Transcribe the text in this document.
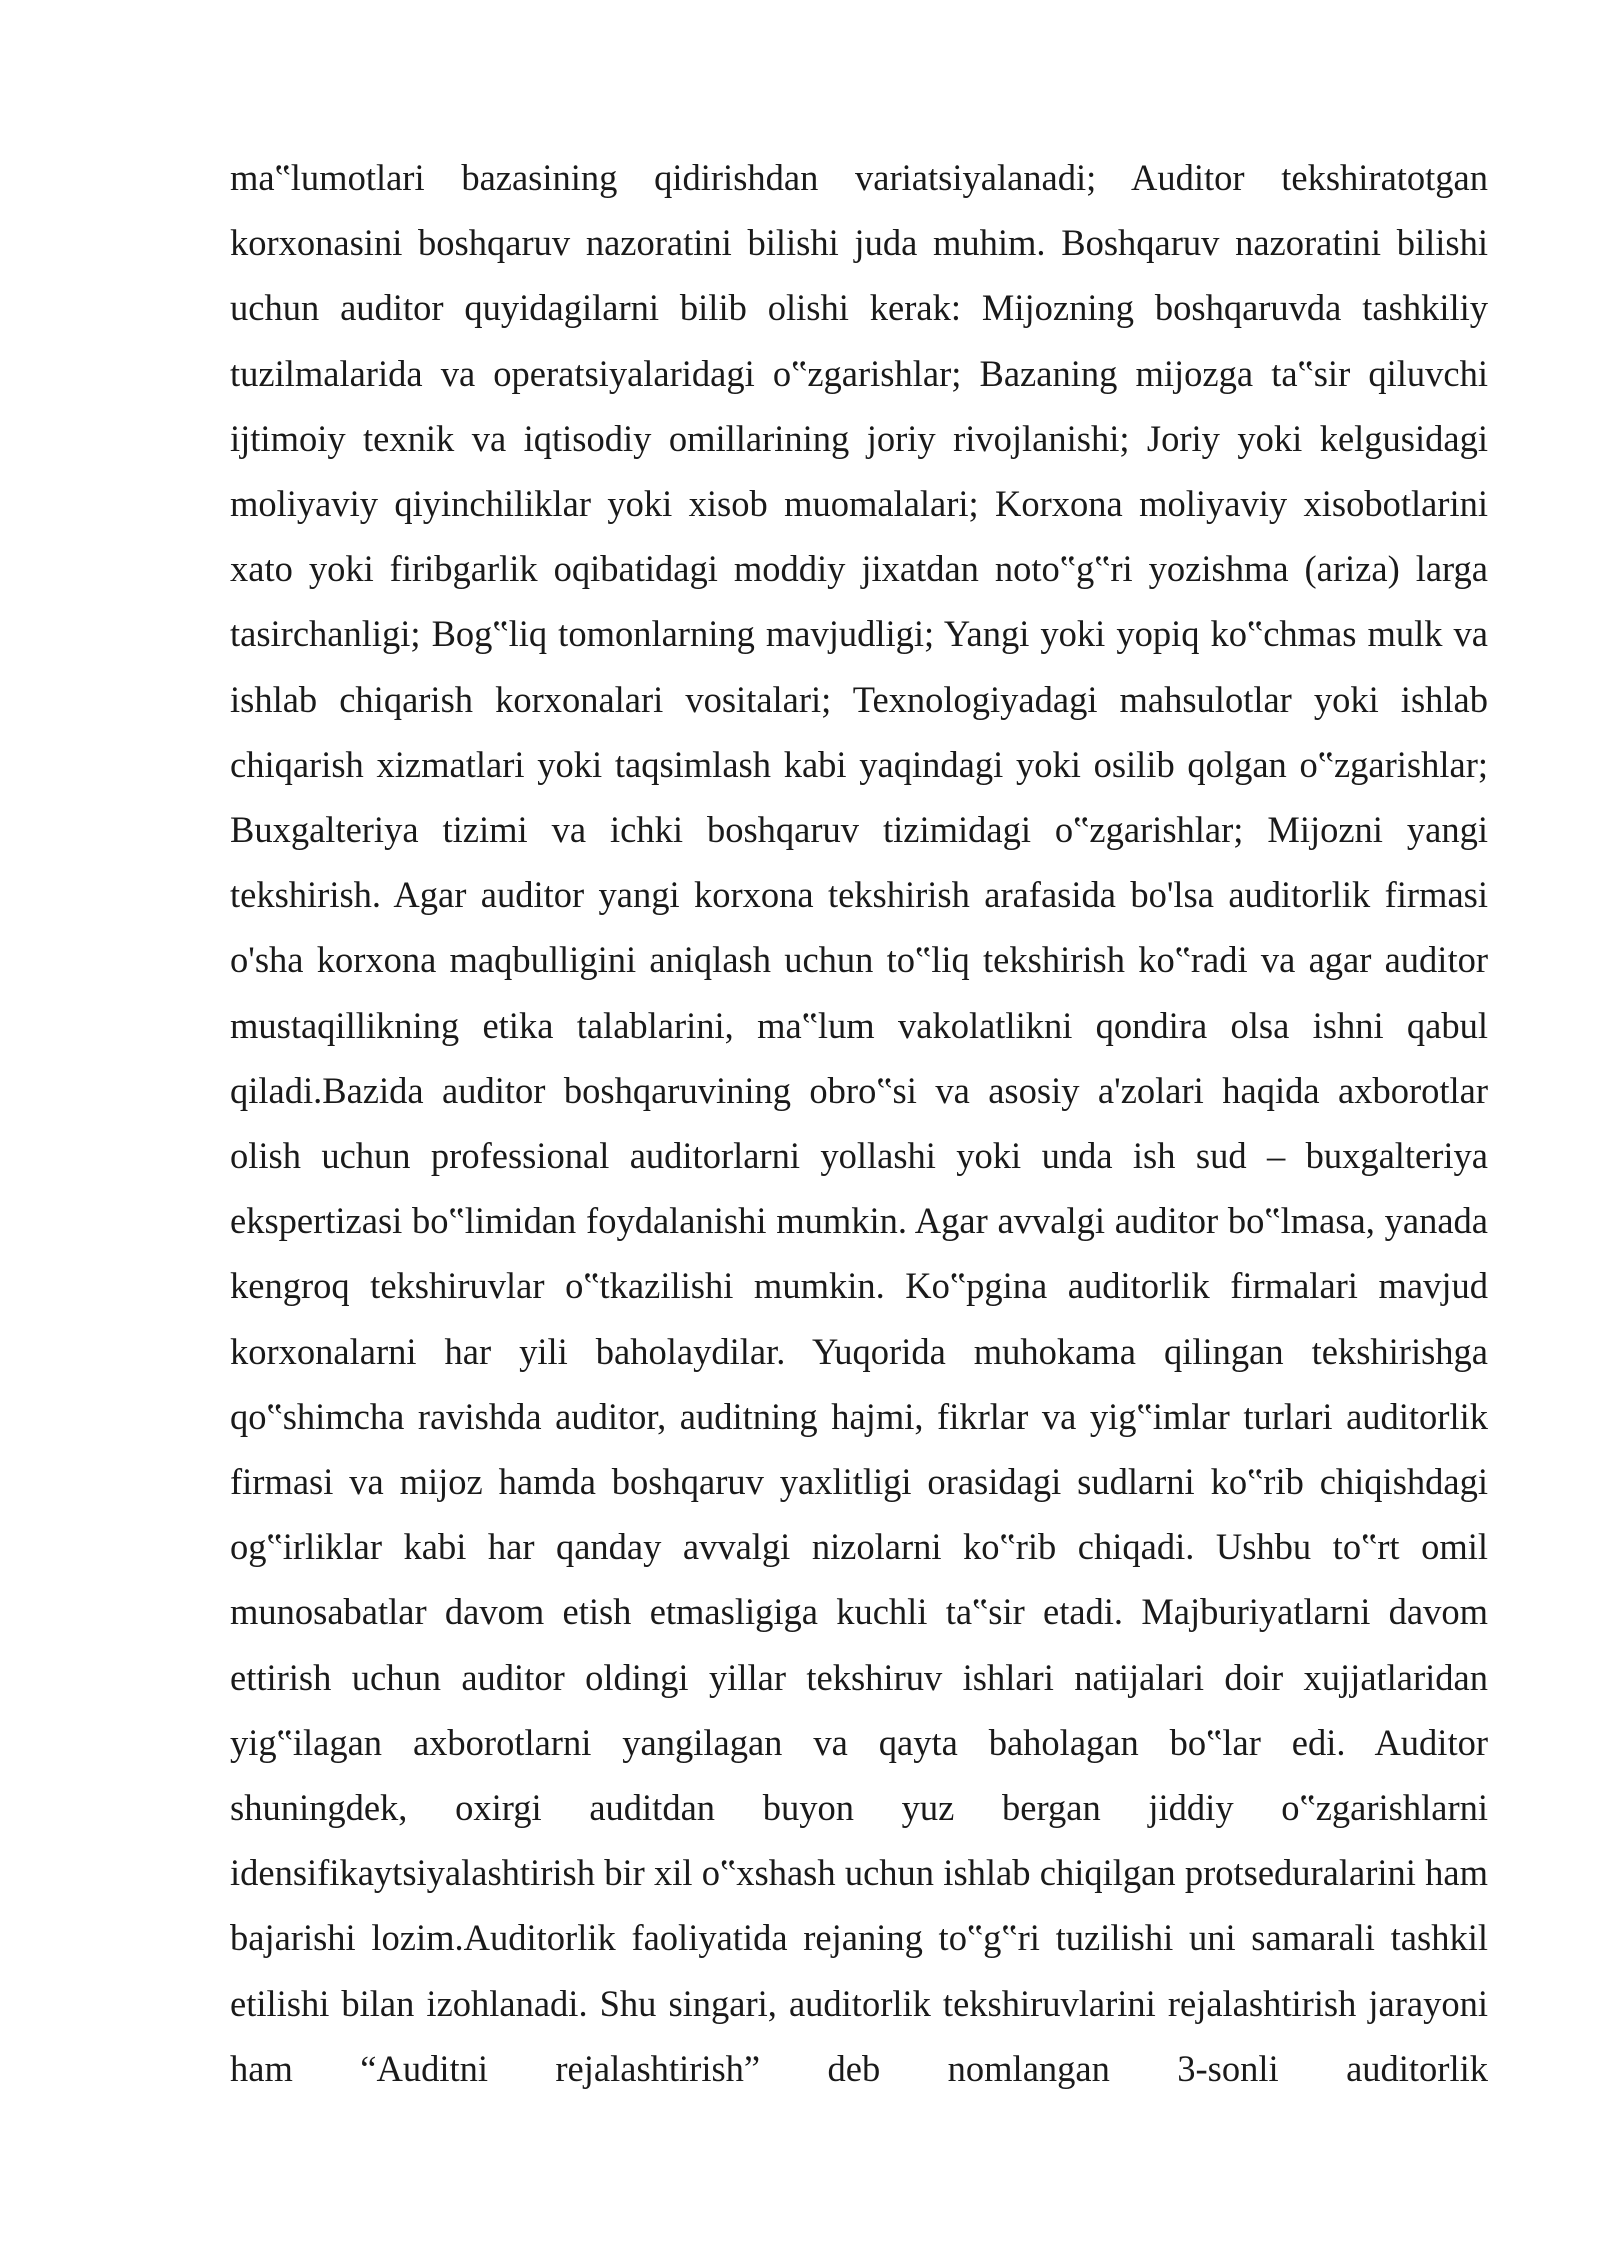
ma‟lumotlari bazasining qidirishdan variatsiyalanadi; Auditor tekshiratotgan korxonasini boshqaruv nazoratini bilishi juda muhim. Boshqaruv nazoratini bilishi uchun auditor quyidagilarni bilib olishi kerak: Mijozning boshqaruvda tashkiliy tuzilmalarida va operatsiyalaridagi o‟zgarishlar; Bazaning mijozga ta‟sir qiluvchi ijtimoiy texnik va iqtisodiy omillarining joriy rivojlanishi; Joriy yoki kelgusidagi moliyaviy qiyinchiliklar yoki xisob muomalalari; Korxona moliyaviy xisobotlarini xato yoki firibgarlik oqibatidagi moddiy jixatdan noto‟g‟ri yozishma (ariza) larga tasirchanligi; Bog‟liq tomonlarning mavjudligi; Yangi yoki yopiq ko‟chmas mulk va ishlab chiqarish korxonalari vositalari; Texnologiyadagi mahsulotlar yoki ishlab chiqarish xizmatlari yoki taqsimlash kabi yaqindagi yoki osilib qolgan o‟zgarishlar; Buxgalteriya tizimi va ichki boshqaruv tizimidagi o‟zgarishlar; Mijozni yangi tekshirish. Agar auditor yangi korxona tekshirish arafasida bo'lsa auditorlik firmasi o'sha korxona maqbulligini aniqlash uchun to‟liq tekshirish ko‟radi va agar auditor mustaqillikning etika talablarini, ma‟lum vakolatlikni qondira olsa ishni qabul qiladi.Bazida auditor boshqaruvining obro‟si va asosiy a'zolari haqida axborotlar olish uchun professional auditorlarni yollashi yoki unda ish sud – buxgalteriya ekspertizasi bo‟limidan foydalanishi mumkin. Agar avvalgi auditor bo‟lmasa, yanada kengroq tekshiruvlar o‟tkazilishi mumkin. Ko‟pgina auditorlik firmalari mavjud korxonalarni har yili baholaydilar. Yuqorida muhokama qilingan tekshirishga qo‟shimcha ravishda auditor, auditning hajmi, fikrlar va yig‟imlar turlari auditorlik firmasi va mijoz hamda boshqaruv yaxlitligi orasidagi sudlarni ko‟rib chiqishdagi og‟irliklar kabi har qanday avvalgi nizolarni ko‟rib chiqadi. Ushbu to‟rt omil munosabatlar davom etish etmasligiga kuchli ta‟sir etadi. Majburiyatlarni davom ettirish uchun auditor oldingi yillar tekshiruv ishlari natijalari doir xujjatlaridan yig‟ilagan axborotlarni yangilagan va qayta baholagan bo‟lar edi. Auditor shuningdek, oxirgi auditdan buyon yuz bergan jiddiy o‟zgarishlarni idensifikaytsiyalashtirish bir xil o‟xshash uchun ishlab chiqilgan protseduralarini ham bajarishi lozim.Auditorlik faoliyatida rejaning to‟g‟ri tuzilishi uni samarali tashkil etilishi bilan izohlanadi. Shu singari, auditorlik tekshiruvlarini rejalashtirish jarayoni ham “Auditni rejalashtirish” deb nomlangan 3-sonli auditorlik
